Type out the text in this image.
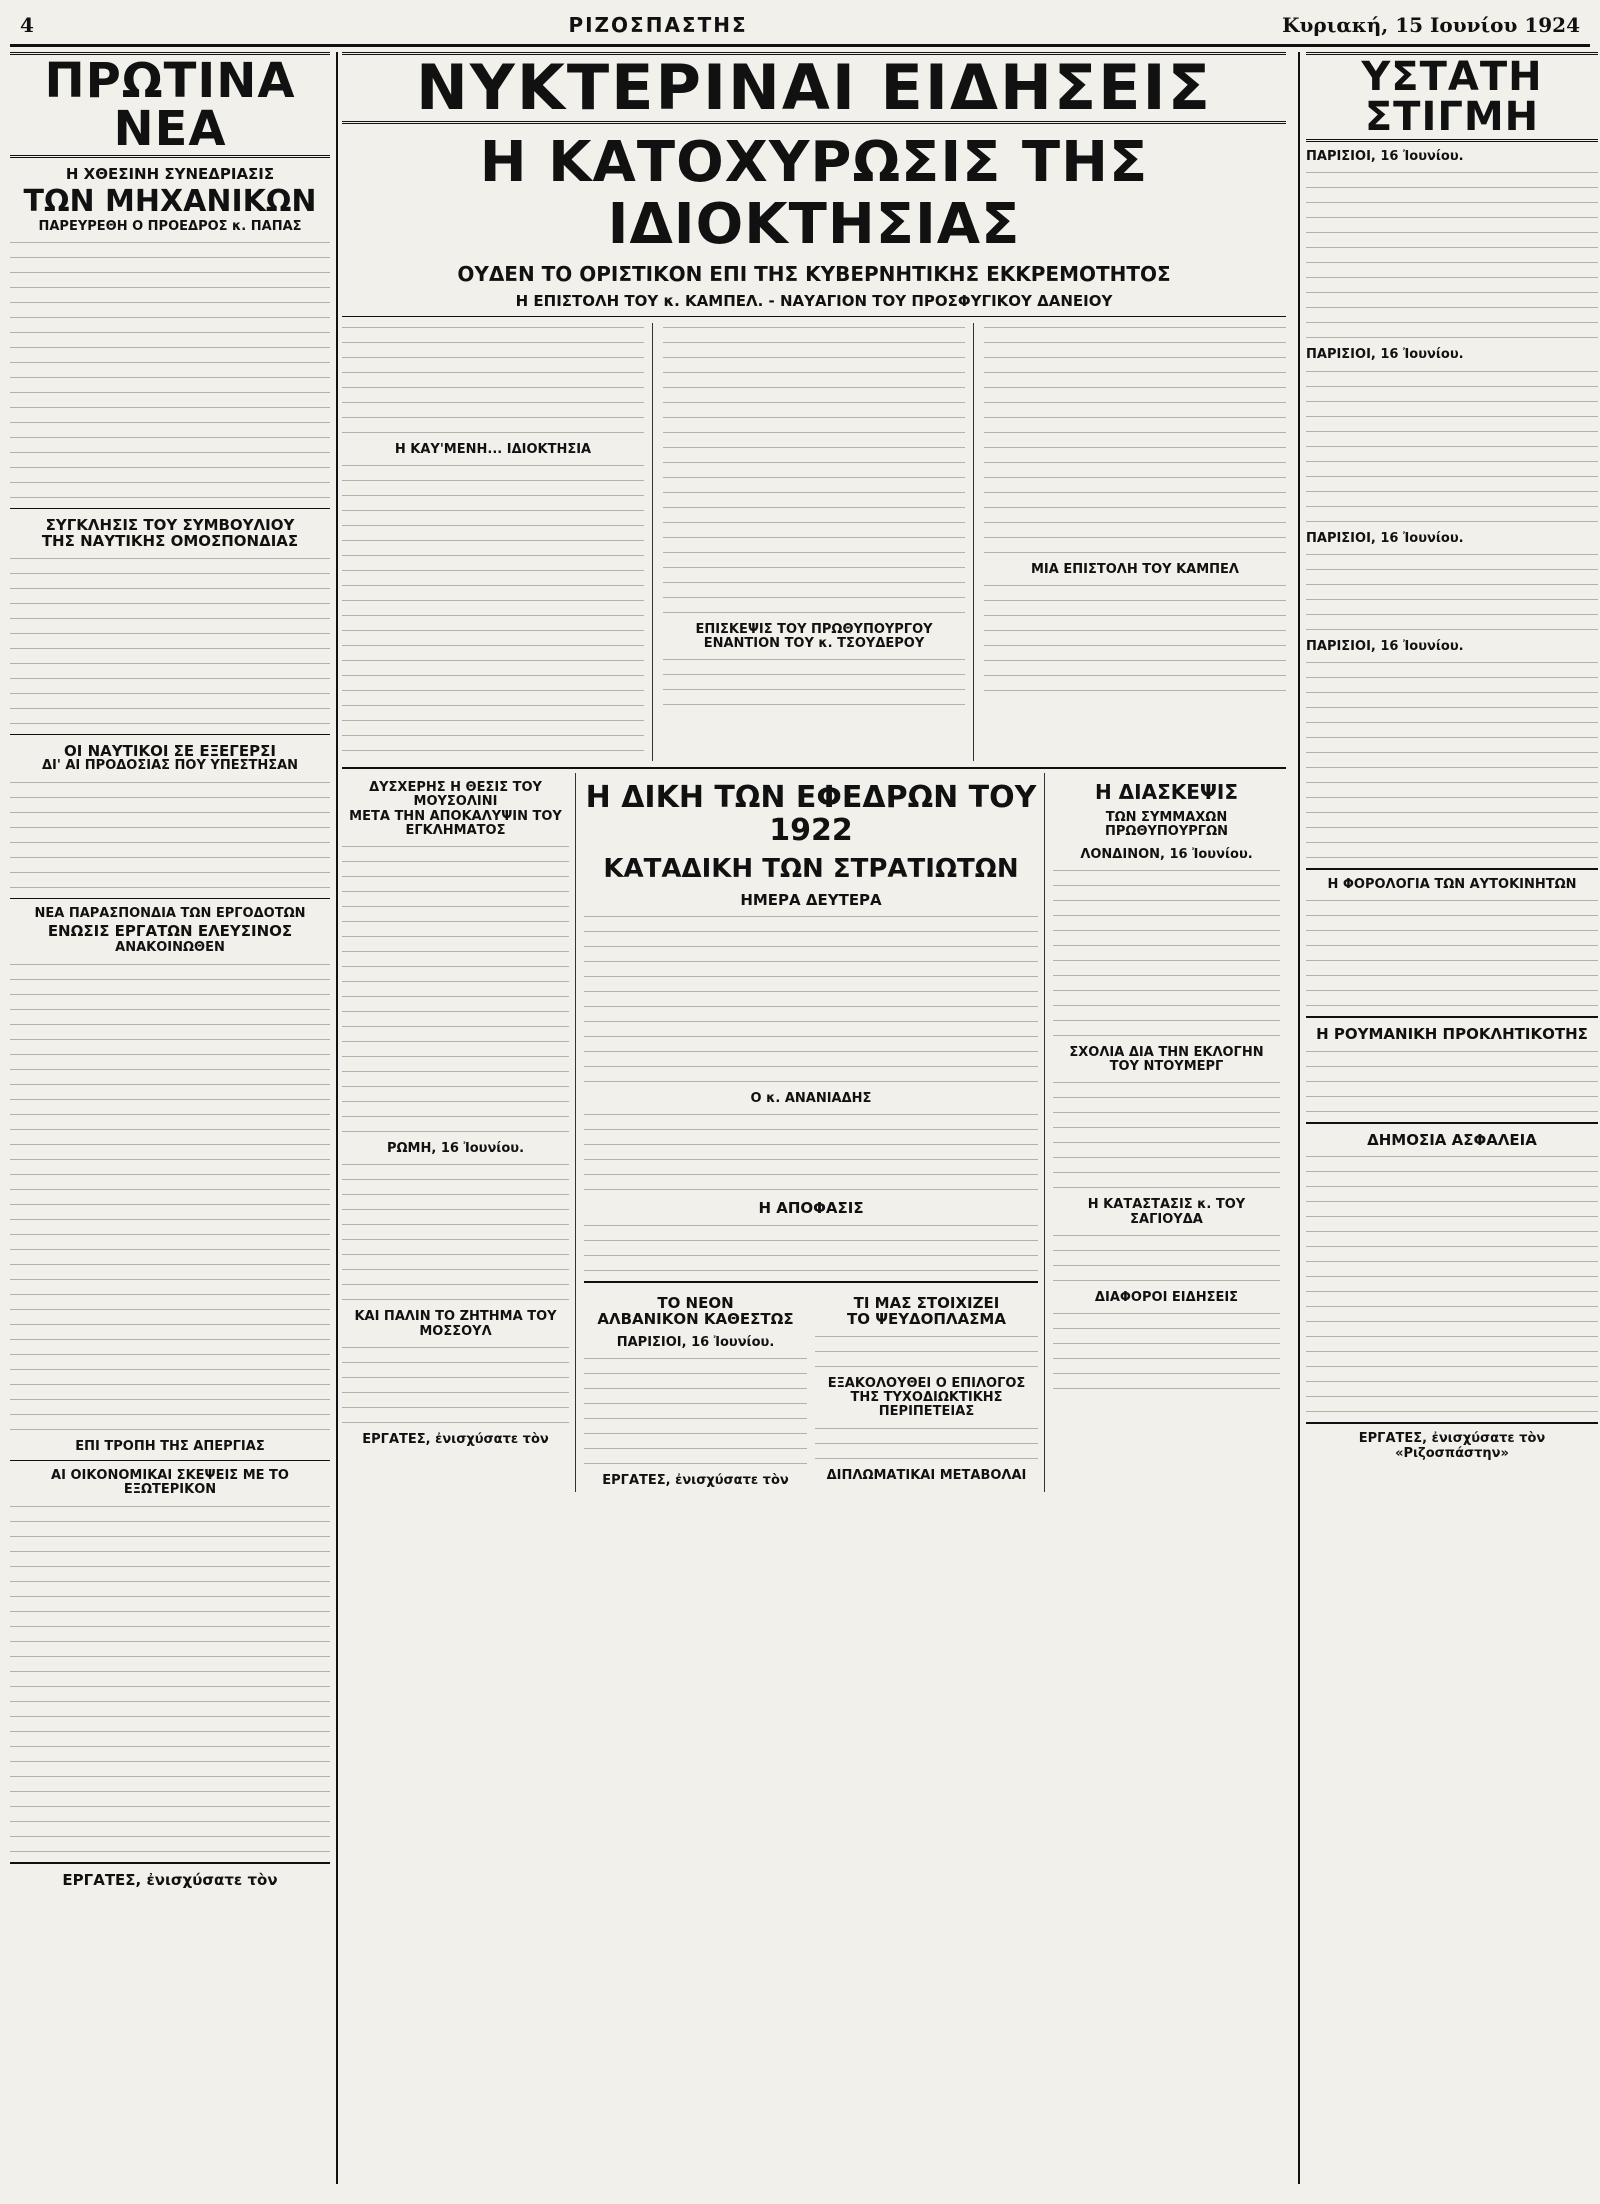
4	ΡΙΖΟΣΠΑΣΤΗΣ	Κυριακή, 15 Ιουνίου 1924
ΠΡΩΤΙΝΑ ΝΕΑ
Η ΧΘΕΣΙΝΗ ΣΥΝΕΔΡΙΑΣΙΣ
ΤΩΝ ΜΗΧΑΝΙΚΩΝ
ΠΑΡΕΥΡΕΘΗ Ο ΠΡΟΕΔΡΟΣ κ. ΠΑΠΑΣ
ΣΥΓΚΛΗΣΙΣ ΤΟΥ ΣΥΜΒΟΥΛΙΟΥ
ΤΗΣ ΝΑΥΤΙΚΗΣ ΟΜΟΣΠΟΝΔΙΑΣ
ΟΙ ΝΑΥΤΙΚΟΙ ΣΕ ΕΞΕΓΕΡΣΙ
ΔΙ' ΑΙ ΠΡΟΔΟΣΙΑΣ ΠΟΥ ΥΠΕΣΤΗΣΑΝ
ΝΕΑ ΠΑΡΑΣΠΟΝΔΙΑ ΤΩΝ ΕΡΓΟΔΟΤΩΝ
ΕΝΩΣΙΣ ΕΡΓΑΤΩΝ ΕΛΕΥΣΙΝΟΣ
ΑΝΑΚΟΙΝΩΘΕΝ
ΕΠΙ ΤΡΟΠΗ ΤΗΣ ΑΠΕΡΓΙΑΣ
ΑΙ ΟΙΚΟΝΟΜΙΚΑΙ ΣΚΕΨΕΙΣ ΜΕ ΤΟ ΕΞΩΤΕΡΙΚΟΝ
ΕΡΓΑΤΕΣ, ἐνισχύσατε τὸν
ΝΥΚΤΕΡΙΝΑΙ ΕΙΔΗΣΕΙΣ
Η ΚΑΤΟΧΥΡΩΣΙΣ ΤΗΣ ΙΔΙΟΚΤΗΣΙΑΣ
ΟΥΔΕΝ ΤΟ ΟΡΙΣΤΙΚΟΝ ΕΠΙ ΤΗΣ ΚΥΒΕΡΝΗΤΙΚΗΣ ΕΚΚΡΕΜΟΤΗΤΟΣ
Η ΕΠΙΣΤΟΛΗ ΤΟΥ κ. ΚΑΜΠΕΛ. - ΝΑΥΑΓΙΟΝ ΤΟΥ ΠΡΟΣΦΥΓΙΚΟΥ ΔΑΝΕΙΟΥ
Η ΚΑΥ'ΜΕΝΗ... ΙΔΙΟΚΤΗΣΙΑ
ΕΠΙΣΚΕΨΙΣ ΤΟΥ ΠΡΩΘΥΠΟΥΡΓΟΥ
ΕΝΑΝΤΙΟΝ ΤΟΥ κ. ΤΣΟΥΔΕΡΟΥ
ΜΙΑ ΕΠΙΣΤΟΛΗ ΤΟΥ ΚΑΜΠΕΛ
ΔΥΣΧΕΡΗΣ Η ΘΕΣΙΣ ΤΟΥ ΜΟΥΣΟΛΙΝΙ
ΜΕΤΑ ΤΗΝ ΑΠΟΚΑΛΥΨΙΝ ΤΟΥ ΕΓΚΛΗΜΑΤΟΣ
ΡΩΜΗ, 16 Ἰουνίου.
ΚΑΙ ΠΑΛΙΝ ΤΟ ΖΗΤΗΜΑ ΤΟΥ ΜΟΣΣΟΥΛ
ΕΡΓΑΤΕΣ, ἐνισχύσατε τὸν
Η ΔΙΚΗ ΤΩΝ ΕΦΕΔΡΩΝ ΤΟΥ 1922
ΚΑΤΑΔΙΚΗ ΤΩΝ ΣΤΡΑΤΙΩΤΩΝ
ΗΜΕΡΑ ΔΕΥΤΕΡΑ
Ο κ. ΑΝΑΝΙΑΔΗΣ
Η ΑΠΟΦΑΣΙΣ
ΤΟ ΝΕΟΝ
ΑΛΒΑΝΙΚΟΝ ΚΑΘΕΣΤΩΣ
ΠΑΡΙΣΙΟΙ, 16 Ἰουνίου.
ΕΡΓΑΤΕΣ, ἐνισχύσατε τὸν
ΤΙ ΜΑΣ ΣΤΟΙΧΙΖΕΙ
ΤΟ ΨΕΥΔΟΠΛΑΣΜΑ
ΕΞΑΚΟΛΟΥΘΕΙ Ο ΕΠΙΛΟΓΟΣ
ΤΗΣ ΤΥΧΟΔΙΩΚΤΙΚΗΣ ΠΕΡΙΠΕΤΕΙΑΣ
ΔΙΠΛΩΜΑΤΙΚΑΙ ΜΕΤΑΒΟΛΑΙ
Η ΔΙΑΣΚΕΨΙΣ
ΤΩΝ ΣΥΜΜΑΧΩΝ ΠΡΩΘΥΠΟΥΡΓΩΝ
ΛΟΝΔΙΝΟΝ, 16 Ἰουνίου.
ΣΧΟΛΙΑ ΔΙΑ ΤΗΝ ΕΚΛΟΓΗΝ ΤΟΥ ΝΤΟΥΜΕΡΓ
Η ΚΑΤΑΣΤΑΣΙΣ κ. ΤΟΥ ΣΑΓΙΟΥΔΑ
ΔΙΑΦΟΡΟΙ ΕΙΔΗΣΕΙΣ
ΥΣΤΑΤΗ ΣΤΙΓΜΗ
ΠΑΡΙΣΙΟΙ, 16 Ἰουνίου.
ΠΑΡΙΣΙΟΙ, 16 Ἰουνίου.
ΠΑΡΙΣΙΟΙ, 16 Ἰουνίου.
ΠΑΡΙΣΙΟΙ, 16 Ἰουνίου.
Η ΦΟΡΟΛΟΓΙΑ ΤΩΝ ΑΥΤΟΚΙΝΗΤΩΝ
Η ΡΟΥΜΑΝΙΚΗ ΠΡΟΚΛΗΤΙΚΟΤΗΣ
ΔΗΜΟΣΙΑ ΑΣΦΑΛΕΙΑ
ΕΡΓΑΤΕΣ, ἐνισχύσατε τὸν «Ριζοσπάστην»
